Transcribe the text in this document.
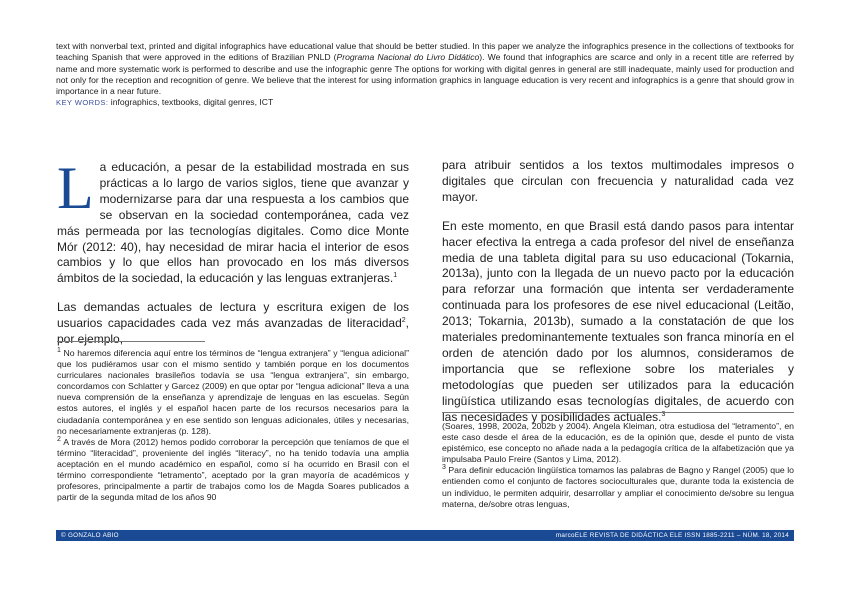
text with nonverbal text, printed and digital infographics have educational value that should be better studied. In this paper we analyze the infographics presence in the collections of textbooks for teaching Spanish that were approved in the editions of Brazilian PNLD (Programa Nacional do Livro Didático). We found that infographics are scarce and only in a recent title are referred by name and more systematic work is performed to describe and use the infographic genre The options for working with digital genres in general are still inadequate, mainly used for production and not only for the reception and recognition of genre. We believe that the interest for using information graphics in language education is very recent and infographics is a genre that should grow in importance in a near future.
KEY WORDS: infographics, textbooks, digital genres, ICT

La educación, a pesar de la estabilidad mostrada en sus prácticas a lo largo de varios siglos, tiene que avanzar y modernizarse para dar una respuesta a los cambios que se observan en la sociedad contemporánea, cada vez más permeada por las tecnologías digitales. Como dice Monte Mór (2012: 40), hay necesidad de mirar hacia el interior de esos cambios y lo que ellos han provocado en los más diversos ámbitos de la sociedad, la educación y las lenguas extranjeras.$^1$

Las demandas actuales de lectura y escritura exigen de los usuarios capacidades cada vez más avanzadas de literacidad$^2$, por ejemplo,

para atribuir sentidos a los textos multimodales impresos o digitales que circulan con frecuencia y naturalidad cada vez mayor.

En este momento, en que Brasil está dando pasos para intentar hacer efectiva la entrega a cada profesor del nivel de enseñanza media de una tableta digital para su uso educacional (Tokarnia, 2013a), junto con la llegada de un nuevo pacto por la educación para reforzar una formación que intenta ser verdaderamente continuada para los profesores de ese nivel educacional (Leitão, 2013; Tokarnia, 2013b), sumado a la constatación de que los materiales predominantemente textuales son franca minoría en el orden de atención dado por los alumnos, consideramos de importancia que se reflexione sobre los materiales y metodologías que pueden ser utilizados para la educación lingüística utilizando esas tecnologías digitales, de acuerdo con las necesidades y posibilidades actuales.$^3$

$^1$ No haremos diferencia aquí entre los términos de “lengua extranjera” y “lengua adicional” que los pudiéramos usar con el mismo sentido y también porque en los documentos curriculares nacionales brasileños todavía se usa “lengua extranjera”, sin embargo, concordamos con Schlatter y Garcez (2009) en que optar por “lengua adicional” lleva a una nueva comprensión de la enseñanza y aprendizaje de lenguas en las escuelas. Según estos autores, el inglés y el español hacen parte de los recursos necesarios para la ciudadanía contemporánea y en ese sentido son lenguas adicionales, útiles y necesarias, no necesariamente extranjeras (p. 128).

$^2$ A través de Mora (2012) hemos podido corroborar la percepción que teníamos de que el término “literacidad”, proveniente del inglés “literacy”, no ha tenido todavía una amplia aceptación en el mundo académico en español, como sí ha ocurrido en Brasil con el término correspondiente “letramento”, aceptado por la gran mayoría de académicos y profesores, principalmente a partir de trabajos como los de Magda Soares publicados a partir de la segunda mitad de los años 90

(Soares, 1998, 2002a, 2002b y 2004). Angela Kleiman, otra estudiosa del “letramento”, en este caso desde el área de la educación, es de la opinión que, desde el punto de vista epistémico, ese concepto no añade nada a la pedagogía crítica de la alfabetización que ya impulsaba Paulo Freire (Santos y Lima, 2012).

$^3$ Para definir educación lingüística tomamos las palabras de Bagno y Rangel (2005) que lo entienden como el conjunto de factores socioculturales que, durante toda la existencia de un individuo, le permiten adquirir, desarrollar y ampliar el conocimiento de/sobre su lengua materna, de/sobre otras lenguas,

© GONZALO ABIO	marcoELE REVISTA DE DIDÁCTICA ELE ISSN 1885-2211 – NÚM. 18, 2014
